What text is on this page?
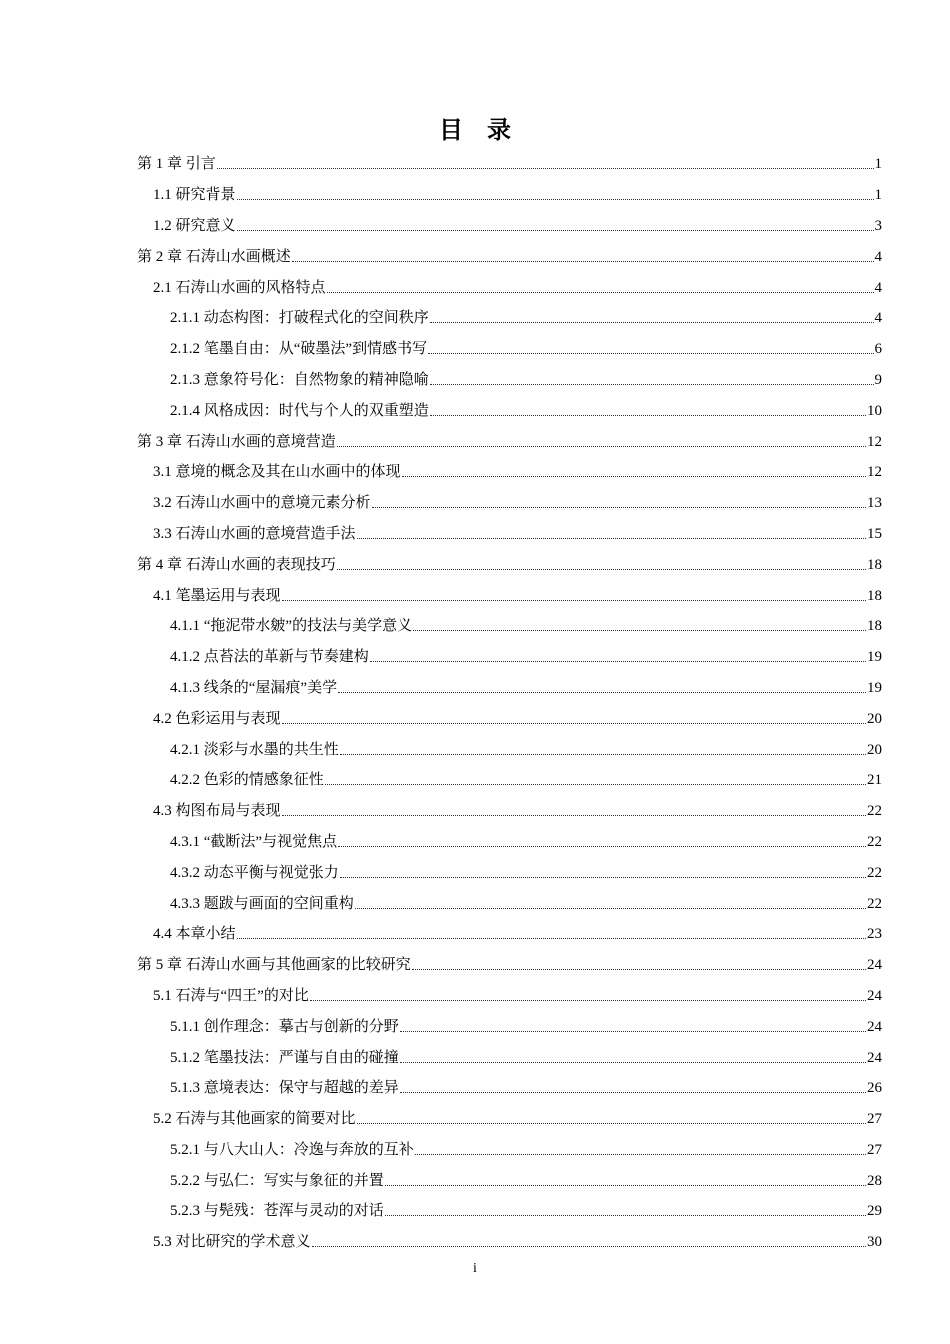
目 录
第 1 章 引言	1
1.1 研究背景	1
1.2 研究意义	3
第 2 章 石涛山水画概述	4
2.1 石涛山水画的风格特点	4
2.1.1 动态构图：打破程式化的空间秩序	4
2.1.2 笔墨自由：从“破墨法”到情感书写	6
2.1.3 意象符号化：自然物象的精神隐喻	9
2.1.4 风格成因：时代与个人的双重塑造	10
第 3 章 石涛山水画的意境营造	12
3.1 意境的概念及其在山水画中的体现	12
3.2 石涛山水画中的意境元素分析	13
3.3 石涛山水画的意境营造手法	15
第 4 章 石涛山水画的表现技巧	18
4.1 笔墨运用与表现	18
4.1.1 “拖泥带水皴”的技法与美学意义	18
4.1.2 点苔法的革新与节奏建构	19
4.1.3 线条的“屋漏痕”美学	19
4.2 色彩运用与表现	20
4.2.1 淡彩与水墨的共生性	20
4.2.2 色彩的情感象征性	21
4.3 构图布局与表现	22
4.3.1 “截断法”与视觉焦点	22
4.3.2 动态平衡与视觉张力	22
4.3.3 题跋与画面的空间重构	22
4.4 本章小结	23
第 5 章 石涛山水画与其他画家的比较研究	24
5.1 石涛与“四王”的对比	24
5.1.1 创作理念：摹古与创新的分野	24
5.1.2 笔墨技法：严谨与自由的碰撞	24
5.1.3 意境表达：保守与超越的差异	26
5.2 石涛与其他画家的简要对比	27
5.2.1 与八大山人：冷逸与奔放的互补	27
5.2.2 与弘仁：写实与象征的并置	28
5.2.3 与髡残：苍浑与灵动的对话	29
5.3 对比研究的学术意义	30
i
